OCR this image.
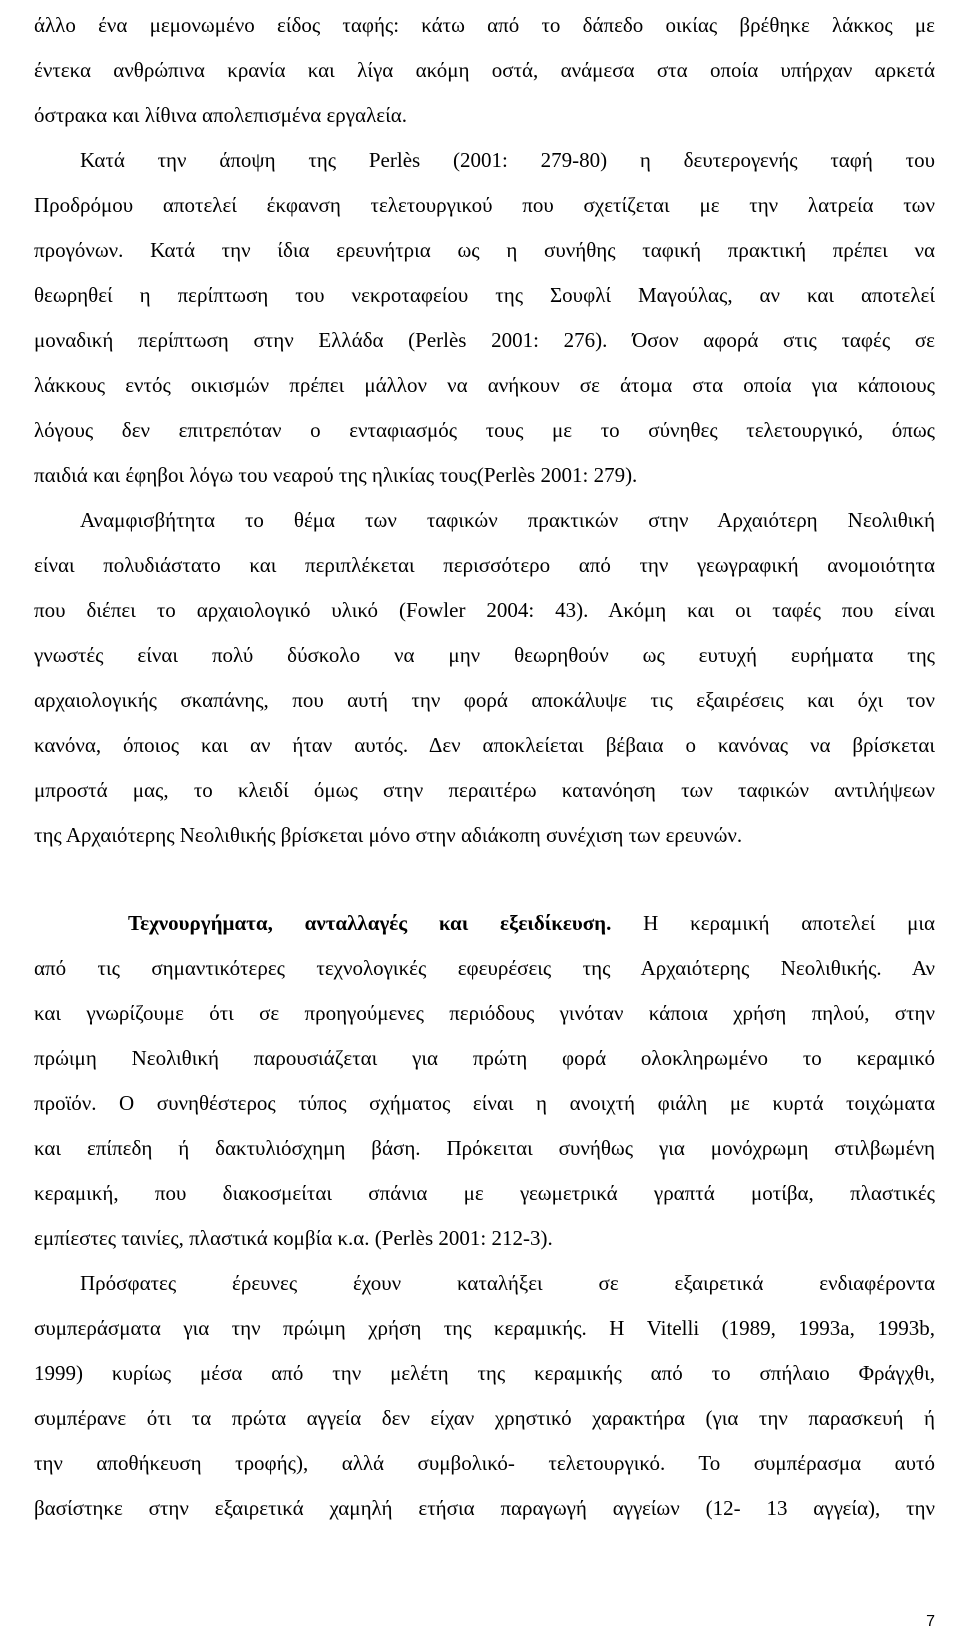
άλλο ένα μεμονωμένο είδος ταφής: κάτω από το δάπεδο οικίας βρέθηκε λάκκος με
έντεκα ανθρώπινα κρανία και λίγα ακόμη οστά, ανάμεσα στα οποία υπήρχαν αρκετά
όστρακα και λίθινα απολεπισμένα εργαλεία.
Κατά την άποψη της Perlès (2001: 279-80) η δευτερογενής ταφή του
Προδρόμου αποτελεί έκφανση τελετουργικού που σχετίζεται με την λατρεία των
προγόνων. Κατά την ίδια ερευνήτρια ως η συνήθης ταφική πρακτική πρέπει να
θεωρηθεί η περίπτωση του νεκροταφείου της Σουφλί Μαγούλας, αν και αποτελεί
μοναδική περίπτωση στην Ελλάδα (Perlès 2001: 276). Όσον αφορά στις ταφές σε
λάκκους εντός οικισμών πρέπει μάλλον να ανήκουν σε άτομα στα οποία για κάποιους
λόγους δεν επιτρεπόταν ο ενταφιασμός τους με το σύνηθες τελετουργικό, όπως
παιδιά και έφηβοι λόγω του νεαρού της ηλικίας τους(Perlès 2001: 279).
Αναμφισβήτητα το θέμα των ταφικών πρακτικών στην Αρχαιότερη Νεολιθική
είναι πολυδιάστατο και περιπλέκεται περισσότερο από την γεωγραφική ανομοιότητα
που διέπει το αρχαιολογικό υλικό (Fowler 2004: 43). Ακόμη και οι ταφές που είναι
γνωστές είναι πολύ δύσκολο να μην θεωρηθούν ως ευτυχή ευρήματα της
αρχαιολογικής σκαπάνης, που αυτή την φορά αποκάλυψε τις εξαιρέσεις και όχι τον
κανόνα, όποιος και αν ήταν αυτός. Δεν αποκλείεται βέβαια ο κανόνας να βρίσκεται
μπροστά μας, το κλειδί όμως στην περαιτέρω κατανόηση των ταφικών αντιλήψεων
της Αρχαιότερης Νεολιθικής βρίσκεται μόνο στην αδιάκοπη συνέχιση των ερευνών.
Τεχνουργήματα, ανταλλαγές και εξειδίκευση. Η κεραμική αποτελεί μια
από τις σημαντικότερες τεχνολογικές εφευρέσεις της Αρχαιότερης Νεολιθικής. Αν
και γνωρίζουμε ότι σε προηγούμενες περιόδους γινόταν κάποια χρήση πηλού, στην
πρώιμη Νεολιθική παρουσιάζεται για πρώτη φορά ολοκληρωμένο το κεραμικό
προϊόν. Ο συνηθέστερος τύπος σχήματος είναι η ανοιχτή φιάλη με κυρτά τοιχώματα
και επίπεδη ή δακτυλιόσχημη βάση. Πρόκειται συνήθως για μονόχρωμη στιλβωμένη
κεραμική, που διακοσμείται σπάνια με γεωμετρικά γραπτά μοτίβα, πλαστικές
εμπίεστες ταινίες, πλαστικά κομβία κ.α. (Perlès 2001: 212-3).
Πρόσφατες έρευνες έχουν καταλήξει σε εξαιρετικά ενδιαφέροντα
συμπεράσματα για την πρώιμη χρήση της κεραμικής. Η Vitelli (1989, 1993a, 1993b,
1999) κυρίως μέσα από την μελέτη της κεραμικής από το σπήλαιο Φράγχθι,
συμπέρανε ότι τα πρώτα αγγεία δεν είχαν χρηστικό χαρακτήρα (για την παρασκευή ή
την αποθήκευση τροφής), αλλά συμβολικό- τελετουργικό. Το συμπέρασμα αυτό
βασίστηκε στην εξαιρετικά χαμηλή ετήσια παραγωγή αγγείων (12- 13 αγγεία), την
7
